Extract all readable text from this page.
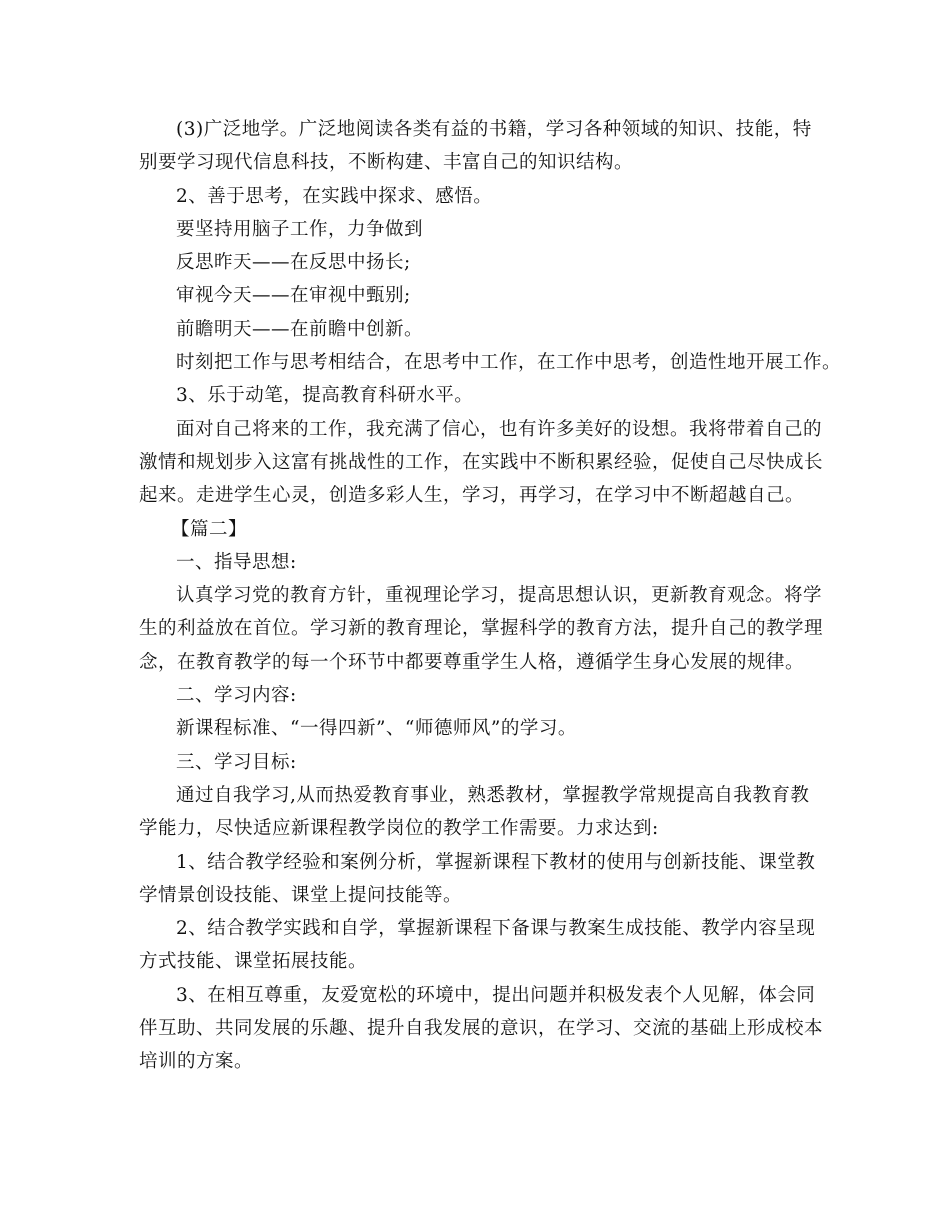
(3)广泛地学。广泛地阅读各类有益的书籍，学习各种领域的知识、技能，特
别要学习现代信息科技，不断构建、丰富自己的知识结构。
2、善于思考，在实践中探求、感悟。
要坚持用脑子工作，力争做到
反思昨天——在反思中扬长;
审视今天——在审视中甄别;
前瞻明天——在前瞻中创新。
时刻把工作与思考相结合，在思考中工作，在工作中思考，创造性地开展工作。
3、乐于动笔，提高教育科研水平。
面对自己将来的工作，我充满了信心，也有许多美好的设想。我将带着自己的
激情和规划步入这富有挑战性的工作，在实践中不断积累经验，促使自己尽快成长
起来。走进学生心灵，创造多彩人生，学习，再学习，在学习中不断超越自己。
【篇二】
一、指导思想:
认真学习党的教育方针，重视理论学习，提高思想认识，更新教育观念。将学
生的利益放在首位。学习新的教育理论，掌握科学的教育方法，提升自己的教学理
念，在教育教学的每一个环节中都要尊重学生人格，遵循学生身心发展的规律。
二、学习内容:
新课程标准、“一得四新”、“师德师风”的学习。
三、学习目标:
通过自我学习,从而热爱教育事业，熟悉教材，掌握教学常规提高自我教育教
学能力，尽快适应新课程教学岗位的教学工作需要。力求达到:
1、结合教学经验和案例分析，掌握新课程下教材的使用与创新技能、课堂教
学情景创设技能、课堂上提问技能等。
2、结合教学实践和自学，掌握新课程下备课与教案生成技能、教学内容呈现
方式技能、课堂拓展技能。
3、在相互尊重，友爱宽松的环境中，提出问题并积极发表个人见解，体会同
伴互助、共同发展的乐趣、提升自我发展的意识，在学习、交流的基础上形成校本
培训的方案。
